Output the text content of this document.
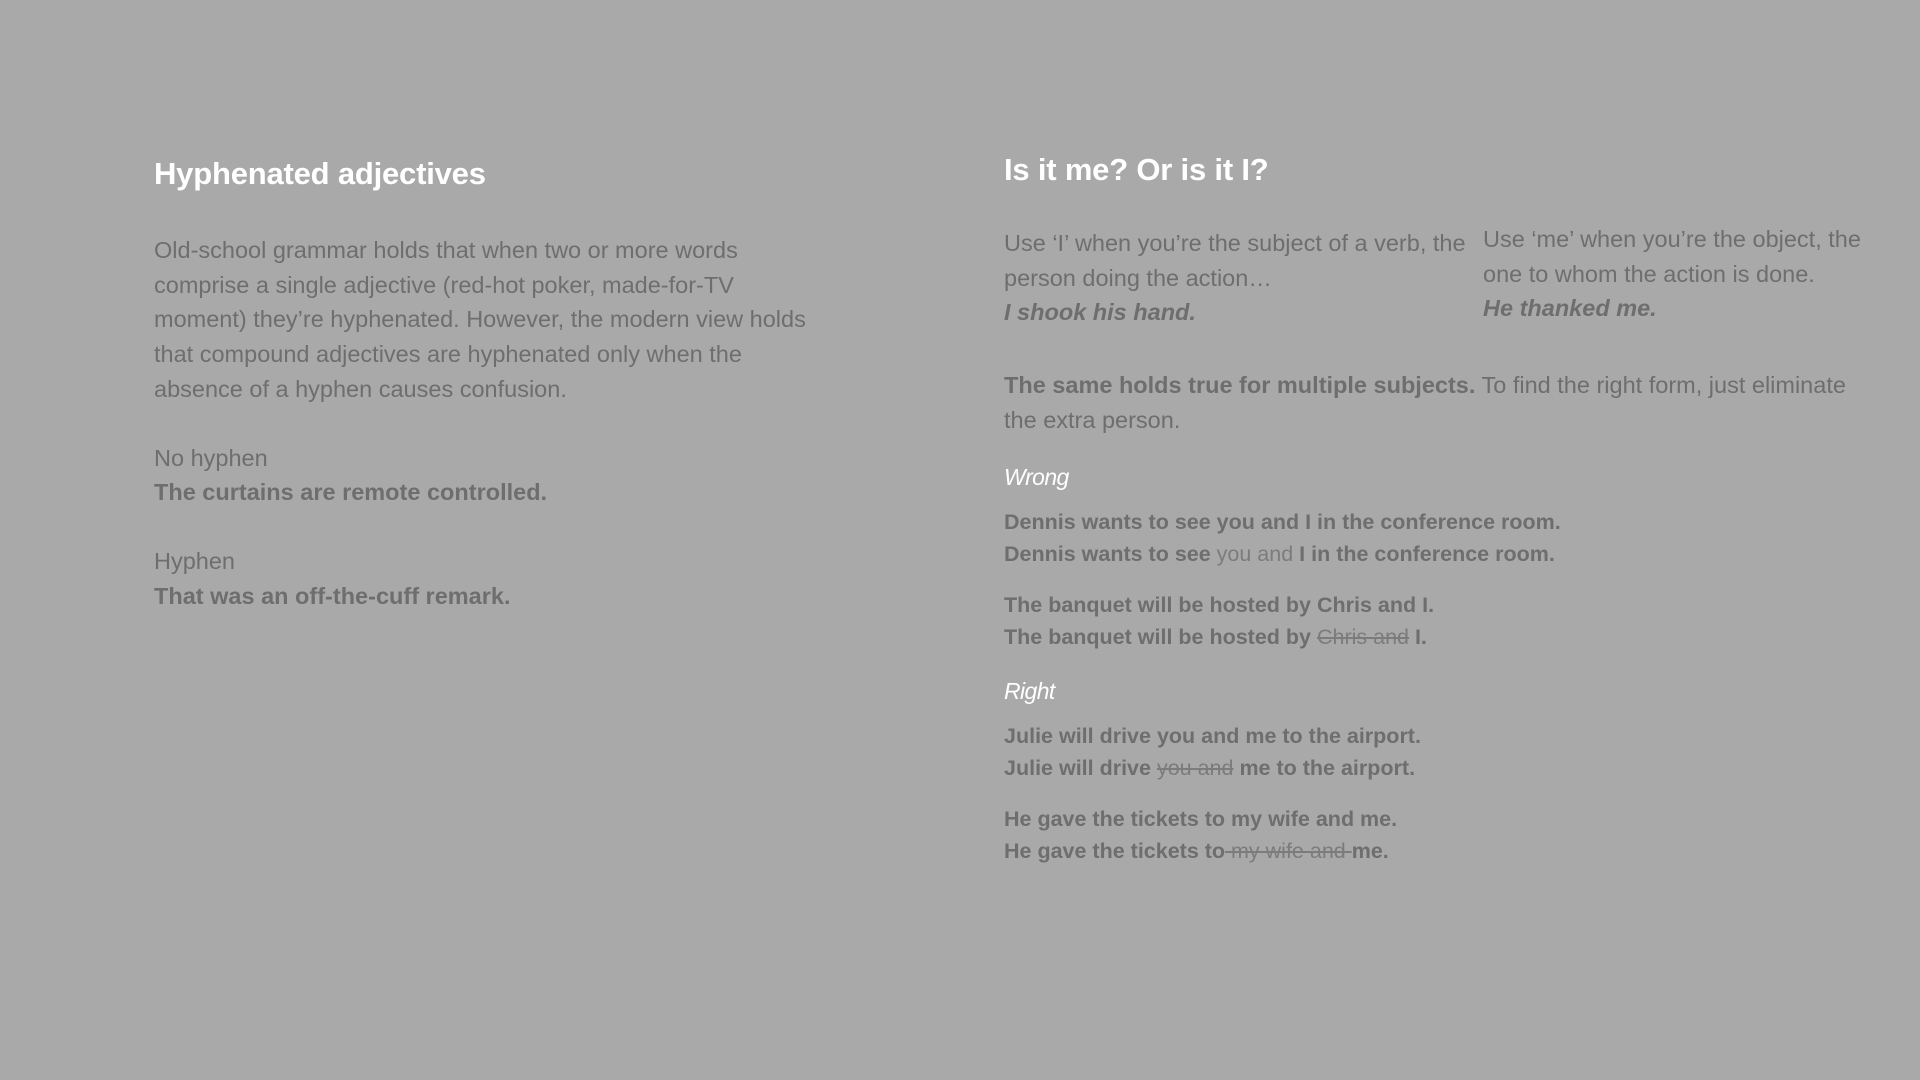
Hyphenated adjectives

Old-school grammar holds that when two or more words comprise a single adjective (red-hot poker, made-for-TV moment) they’re hyphenated. However, the modern view holds that compound adjectives are hyphenated only when the absence of a hyphen causes confusion.

No hyphen
The curtains are remote controlled.
Hyphen
That was an off-the-cuff remark.
Is it me? Or is it I?
Use ‘I’ when you’re the subject of a verb, the person doing the action…
I shook his hand.
Use ‘me’ when you’re the object, the one to whom the action is done.
He thanked me.
The same holds true for multiple subjects. To find the right form, just eliminate the extra person.
Wrong
Dennis wants to see you and I in the conference room.
Dennis wants to see you and I in the conference room.
The banquet will be hosted by Chris and I.
The banquet will be hosted by Chris and I.
Right
Julie will drive you and me to the airport.
Julie will drive you and me to the airport.
He gave the tickets to my wife and me.
He gave the tickets to my wife and me.
